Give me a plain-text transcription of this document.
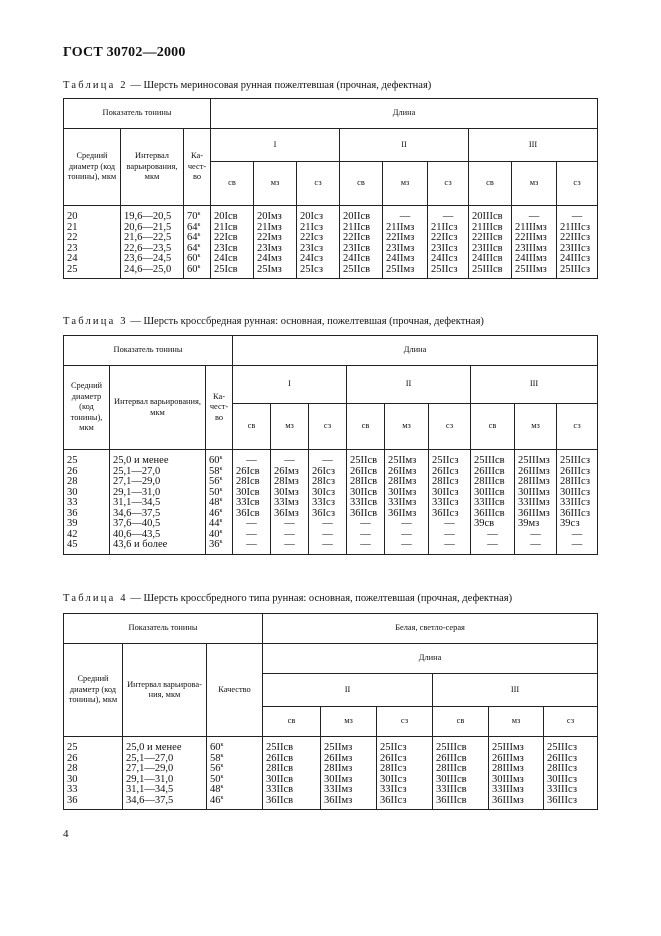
ГОСТ 30702—2000
Таблица 2 — Шерсть мериносовая рунная пожелтевшая (прочная, дефектная)
Показатель тонины			Длина								
Средний диаметр (код тонины), мкм	Интервал варьирования, мкм	Ка-чест-во	I			II			III		
			св	мз	сз	св	мз	сз	св	мз	сз
20	19,6—20,5	$70^к$	20Iсв	20Iмз	20Iсз	20IIсв	—	—	20IIIсв	—	—
21	20,6—21,5	$64^к$	21Iсв	21Iмз	21Iсз	21IIсв	21IIмз	21IIсз	21IIIсв	21IIIмз	21IIIсз
22	21,6—22,5	$64^к$	22Iсв	22Iмз	22Iсз	22IIсв	22IIмз	22IIсз	22IIIсв	22IIIмз	22IIIсз
23	22,6—23,5	$64^к$	23Iсв	23Iмз	23Iсз	23IIсв	23IIмз	23IIсз	23IIIсв	23IIIмз	23IIIсз
24	23,6—24,5	$60^к$	24Iсв	24Iмз	24Iсз	24IIсв	24IIмз	24IIсз	24IIIсв	24IIIмз	24IIIсз
25	24,6—25,0	$60^к$	25Iсв	25Iмз	25Iсз	25IIсв	25IIмз	25IIсз	25IIIсв	25IIIмз	25IIIсз
Таблица 3 — Шерсть кроссбредная рунная: основная, пожелтевшая (прочная, дефектная)
Показатель тонины			Длина								
Средний диаметр (код тонины), мкм	Интервал варьирования, мкм	Ка-чест-во	I			II			III		
			св	мз	сз	св	мз	сз	св	мз	сз
25	25,0 и менее	$60^к$	—	—	—	25IIсв	25IIмз	25IIсз	25IIIсв	25IIIмз	25IIIсз
26	25,1—27,0	$58^к$	26Iсв	26Iмз	26Iсз	26IIсв	26IIмз	26IIсз	26IIIсв	26IIIмз	26IIIсз
28	27,1—29,0	$56^к$	28Iсв	28Iмз	28Iсз	28IIсв	28IIмз	28IIсз	28IIIсв	28IIIмз	28IIIсз
30	29,1—31,0	$50^к$	30Iсв	30Iмз	30Iсз	30IIсв	30IIмз	30IIсз	30IIIсв	30IIIмз	30IIIсз
33	31,1—34,5	$48^к$	33Iсв	33Iмз	33Iсз	33IIсв	33IIмз	33IIсз	33IIIсв	33IIIмз	33IIIсз
36	34,6—37,5	$46^к$	36Iсв	36Iмз	36Iсз	36IIсв	36IIмз	36IIсз	36IIIсв	36IIIмз	36IIIсз
39	37,6—40,5	$44^к$	—	—	—	—	—	—	39св	39мз	39сз
42	40,6—43,5	$40^к$	—	—	—	—	—	—	—	—	—
45	43,6 и более	$36^к$	—	—	—	—	—	—	—	—	—
Таблица 4 — Шерсть кроссбредного типа рунная: основная, пожелтевшая (прочная, дефектная)
Показатель тонины			Белая, светло-серая					
Средний диаметр (код тонины), мкм	Интервал варьирова-ния, мкм	Качество	Длина					
			II			III		
			св	мз	сз	св	мз	сз
25	25,0 и менее	$60^к$	25IIсв	25IIмз	25IIсз	25IIIсв	25IIIмз	25IIIсз
26	25,1—27,0	$58^к$	26IIсв	26IIмз	26IIсз	26IIIсв	26IIIмз	26IIIсз
28	27,1—29,0	$56^к$	28IIсв	28IIмз	28IIсз	28IIIсв	28IIIмз	28IIIсз
30	29,1—31,0	$50^к$	30IIсв	30IIмз	30IIсз	30IIIсв	30IIIмз	30IIIсз
33	31,1—34,5	$48^к$	33IIсв	33IIмз	33IIсз	33IIIсв	33IIIмз	33IIIсз
36	34,6—37,5	$46^к$	36IIсв	36IIмз	36IIсз	36IIIсв	36IIIмз	36IIIсз
4
